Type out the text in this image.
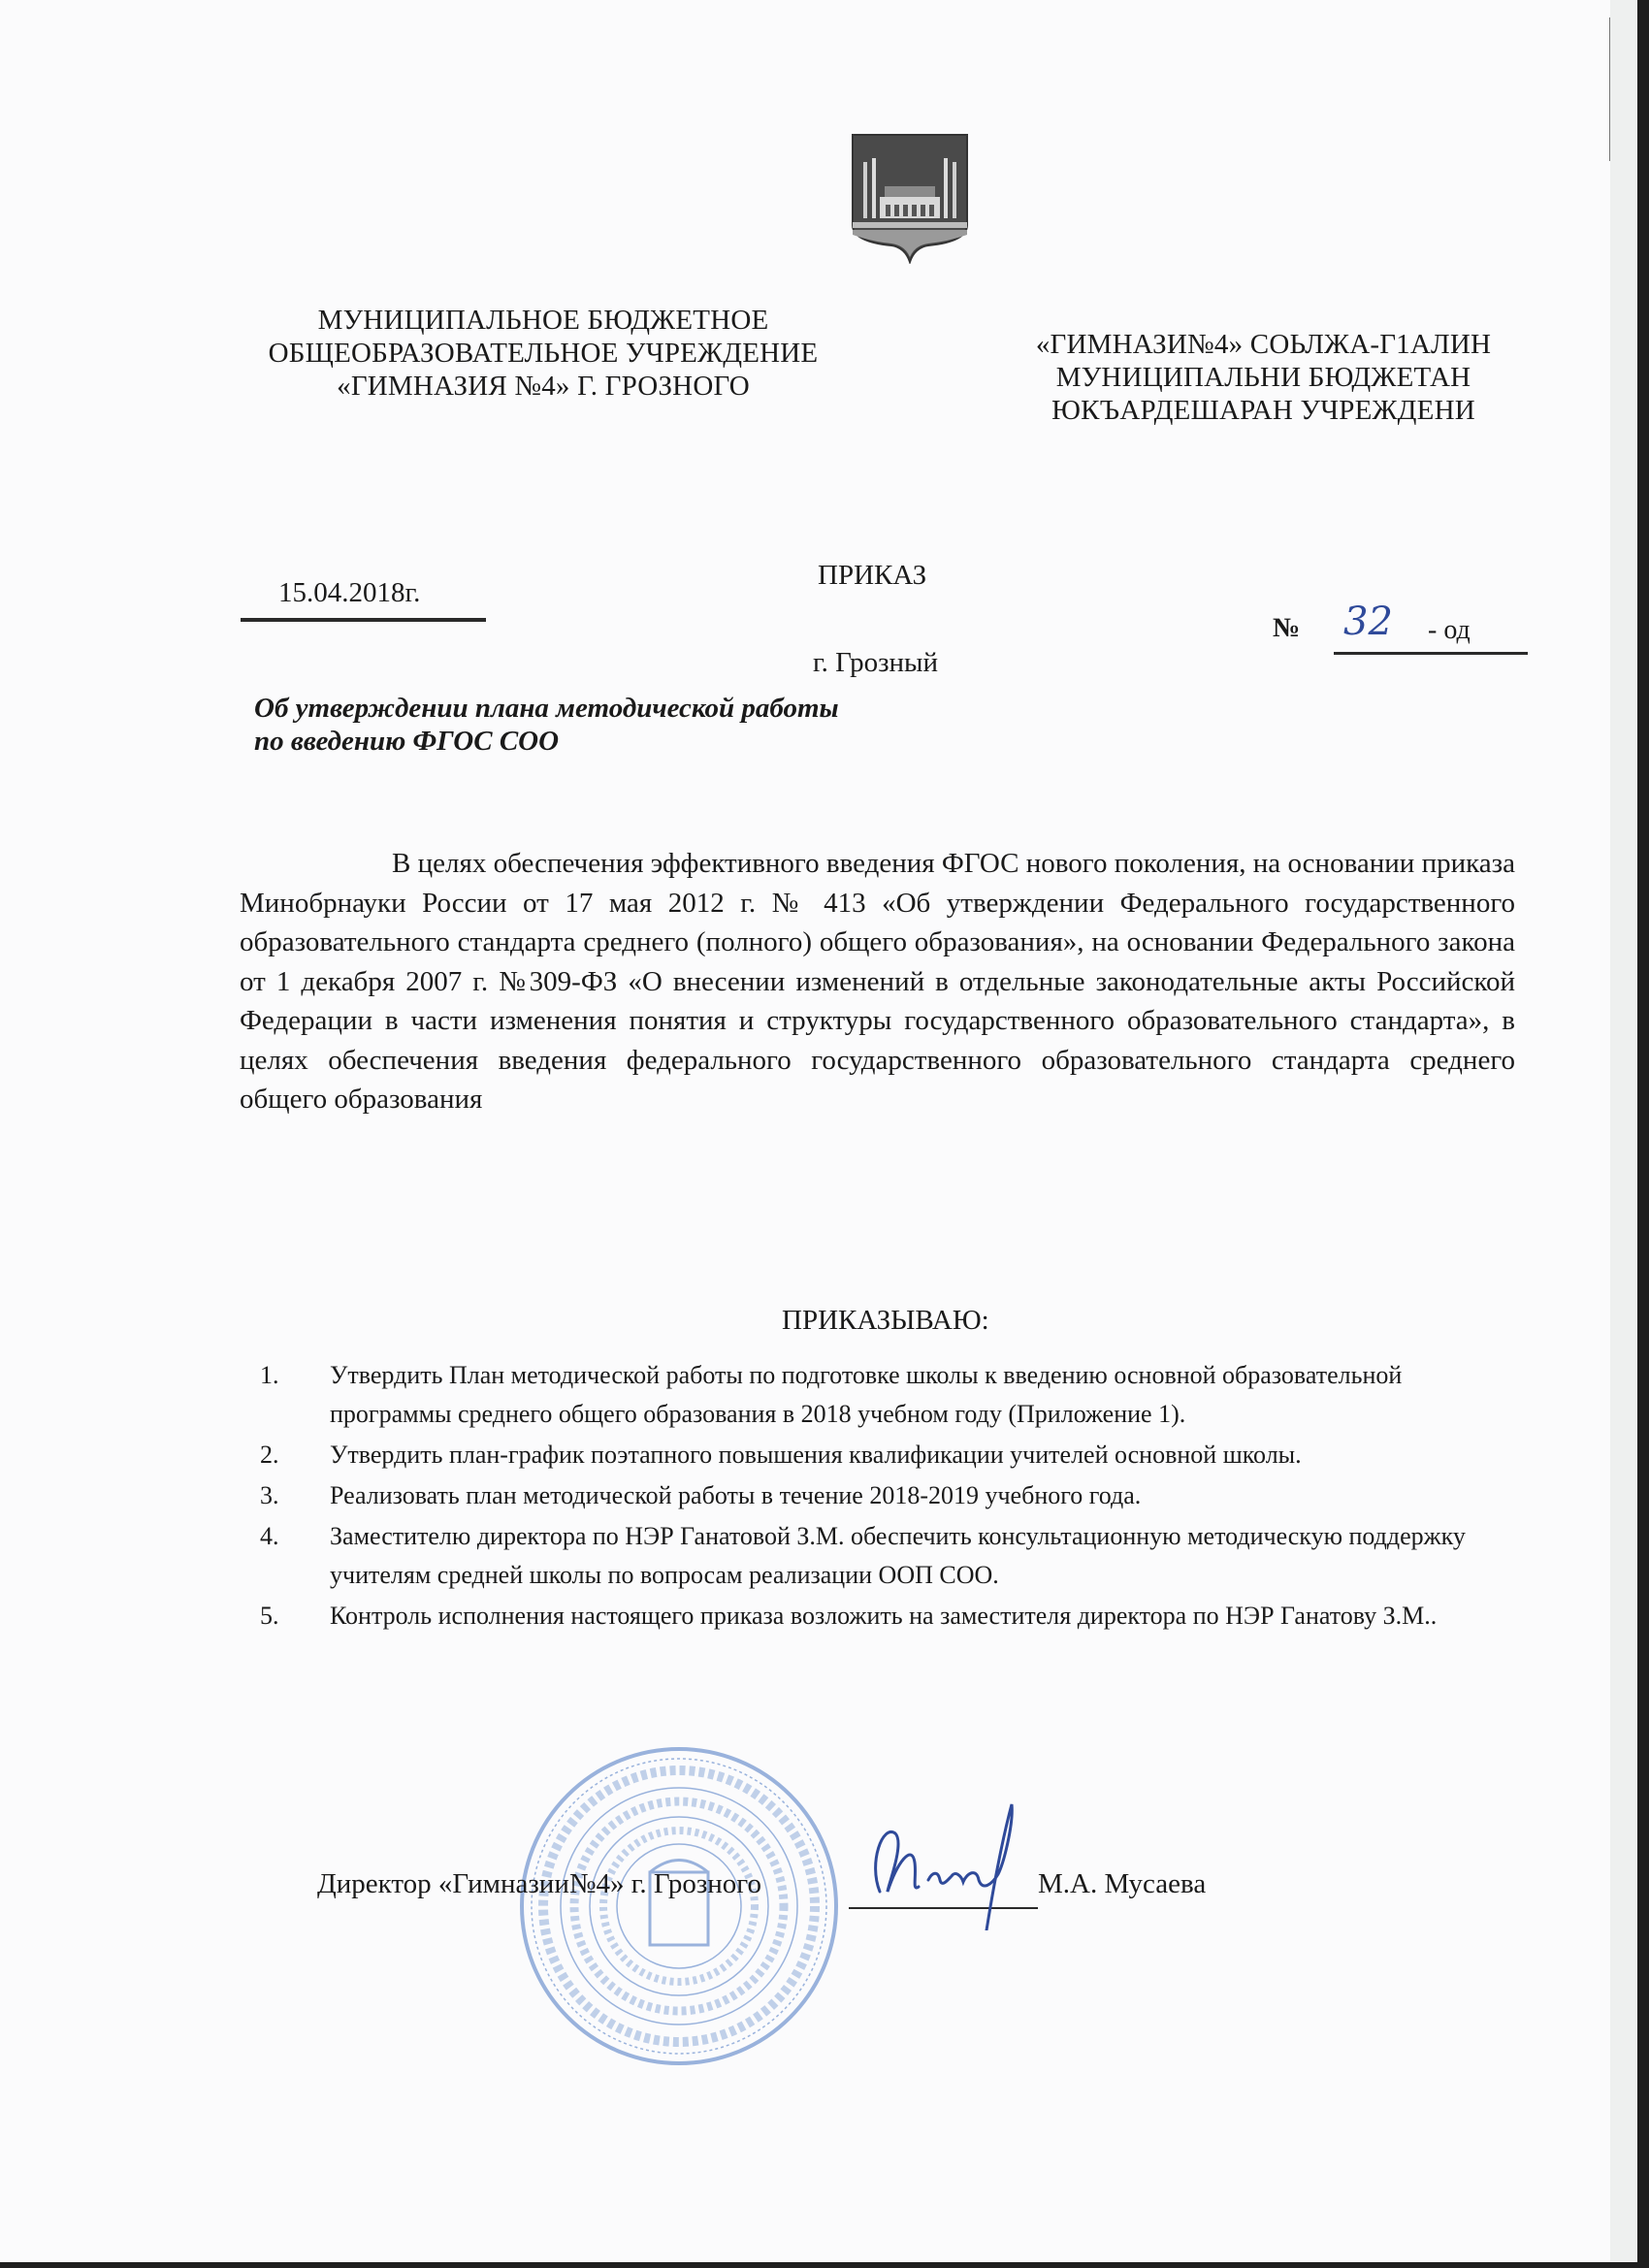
МУНИЦИПАЛЬНОЕ БЮДЖЕТНОЕ
ОБЩЕОБРАЗОВАТЕЛЬНОЕ УЧРЕЖДЕНИЕ
«ГИМНАЗИЯ №4» Г. ГРОЗНОГО
«ГИМНАЗИ№4» СОЬЛЖА-Г1АЛИН
МУНИЦИПАЛЬНИ БЮДЖЕТАН
ЮКЪАРДЕШАРАН УЧРЕЖДЕНИ
ПРИКАЗ
15.04.2018г.
№ 32 - од
г. Грозный
Об утверждении плана методической работы
по введению ФГОС СОО
В целях обеспечения эффективного введения ФГОС нового поколения, на основании приказа Минобрнауки России от 17 мая 2012 г. № 413 «Об утверждении Федерального государственного образовательного стандарта среднего (полного) общего образования», на основании Федерального закона от 1 декабря 2007 г. №309-ФЗ «О внесении изменений в отдельные законодательные акты Российской Федерации в части изменения понятия и структуры государственного образовательного стандарта», в целях обеспечения введения федерального государственного образовательного стандарта среднего общего образования
ПРИКАЗЫВАЮ:
1.	Утвердить План методической работы по подготовке школы к введению основной образовательной программы среднего общего образования в 2018 учебном году (Приложение 1).
2.	Утвердить план-график поэтапного повышения квалификации учителей основной школы.
3.	Реализовать план методической работы в течение 2018-2019 учебного года.
4.	Заместителю директора по НЭР Ганатовой З.М. обеспечить консультационную методическую поддержку учителям средней школы по вопросам реализации ООП СОО.
5.	Контроль исполнения настоящего приказа возложить на заместителя директора по НЭР Ганатову З.М..
Директор «Гимназии№4» г. Грозного	М.А. Мусаева
